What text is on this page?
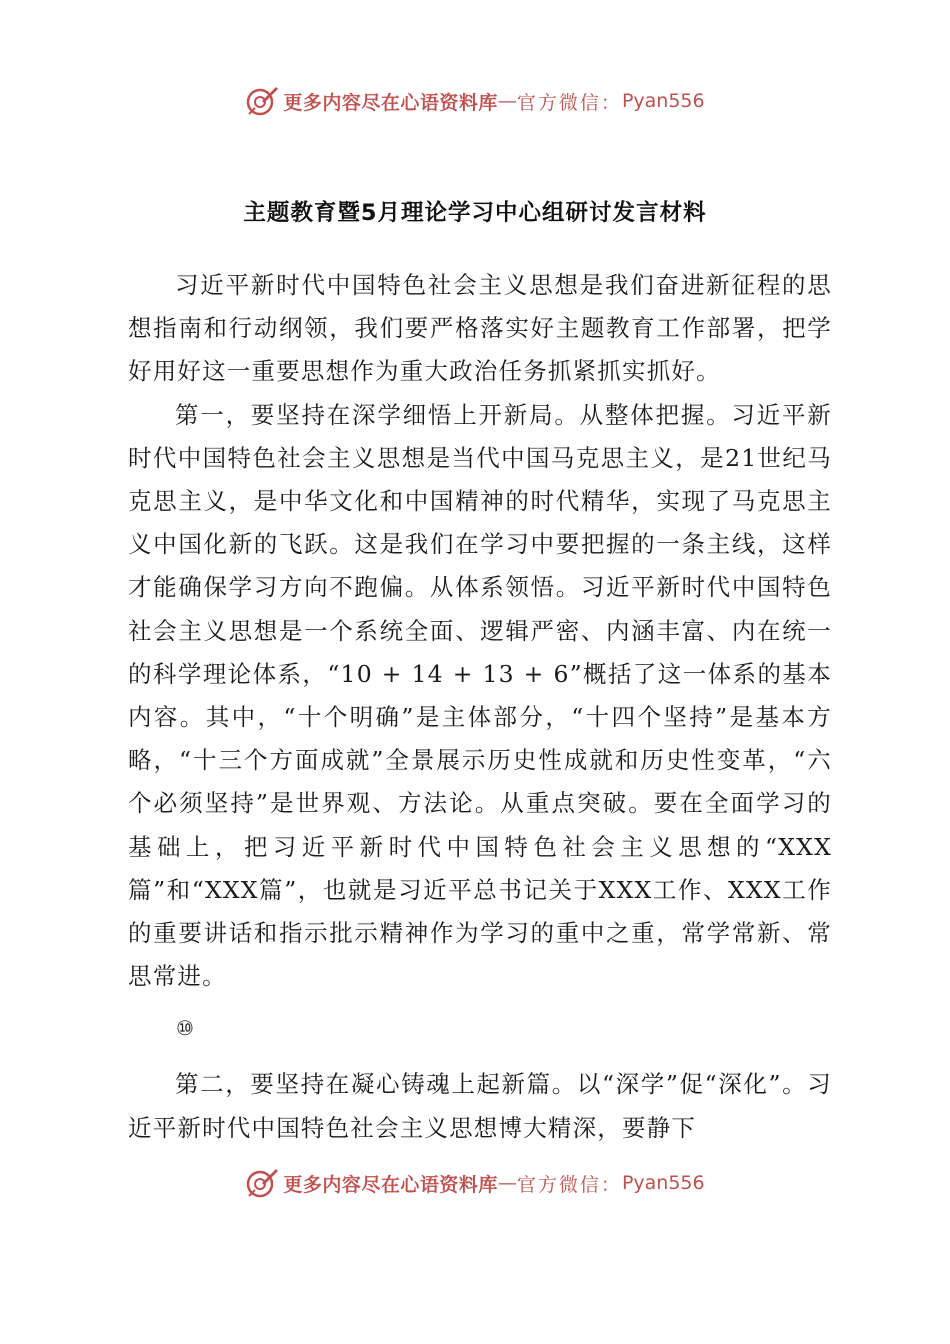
更多内容尽在心语资料库 — 官方微信： Pyan556
主题教育暨5月理论学习中心组研讨发言材料

习近平新时代中国特色社会主义思想是我们奋进新征程的思想指南和行动纲领，我们要严格落实好主题教育工作部署，把学好用好这一重要思想作为重大政治任务抓紧抓实抓好。

第一，要坚持在深学细悟上开新局。从整体把握。习近平新时代中国特色社会主义思想是当代中国马克思主义，是21世纪马克思主义，是中华文化和中国精神的时代精华，实现了马克思主义中国化新的飞跃。这是我们在学习中要把握的一条主线，这样才能确保学习方向不跑偏。从体系领悟。习近平新时代中国特色社会主义思想是一个系统全面、逻辑严密、内涵丰富、内在统一的科学理论体系，“10 + 14 + 13 + 6”概括了这一体系的基本内容。其中，“十个明确”是主体部分，“十四个坚持”是基本方略，“十三个方面成就”全景展示历史性成就和历史性变革，“六个必须坚持”是世界观、方法论。从重点突破。要在全面学习的基础上，把习近平新时代中国特色社会主义思想的“XXX篇”和“XXX篇”，也就是习近平总书记关于XXX工作、XXX工作的重要讲话和指示批示精神作为学习的重中之重，常学常新、常思常进。

⑩

第二，要坚持在凝心铸魂上起新篇。以“深学”促“深化”。习近平新时代中国特色社会主义思想博大精深，要静下

更多内容尽在心语资料库 — 官方微信： Pyan556
